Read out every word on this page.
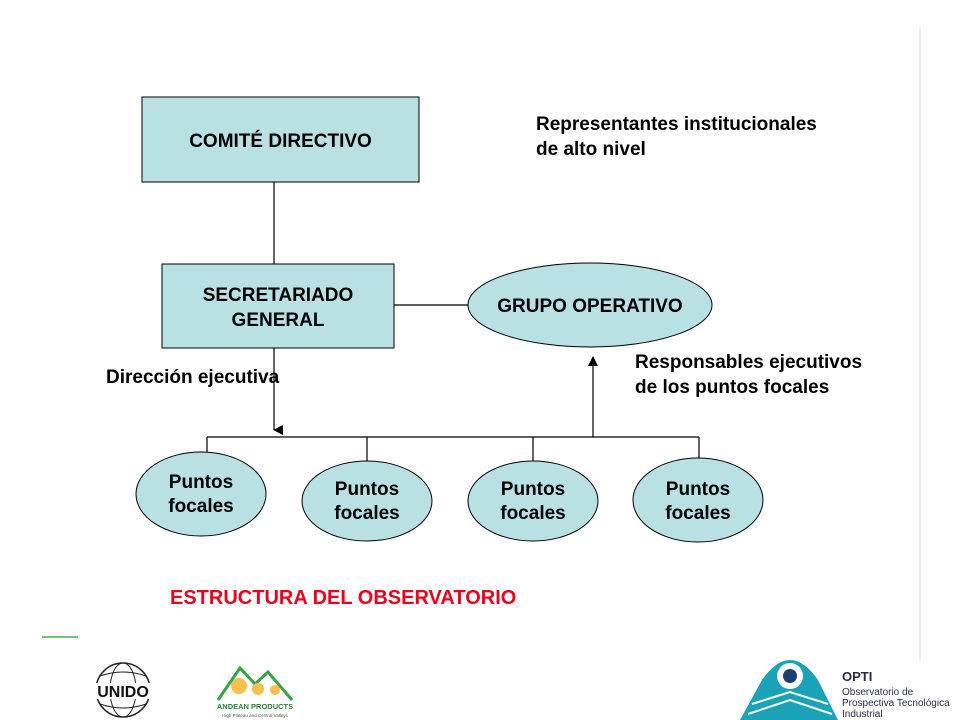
COMITÉ DIRECTIVO
SECRETARIADO
GENERAL
GRUPO OPERATIVO
Puntos
focales
Puntos
focales
Puntos
focales
Puntos
focales
Representantes institucionales
de alto nivel
Dirección ejecutiva
Responsables ejecutivos
de los puntos focales
ESTRUCTURA DEL OBSERVATORIO
UNIDO
ANDEAN PRODUCTS
High Plateau and Central Valleys
OPTI
Observatorio de
Prospectiva Tecnológica
Industrial
